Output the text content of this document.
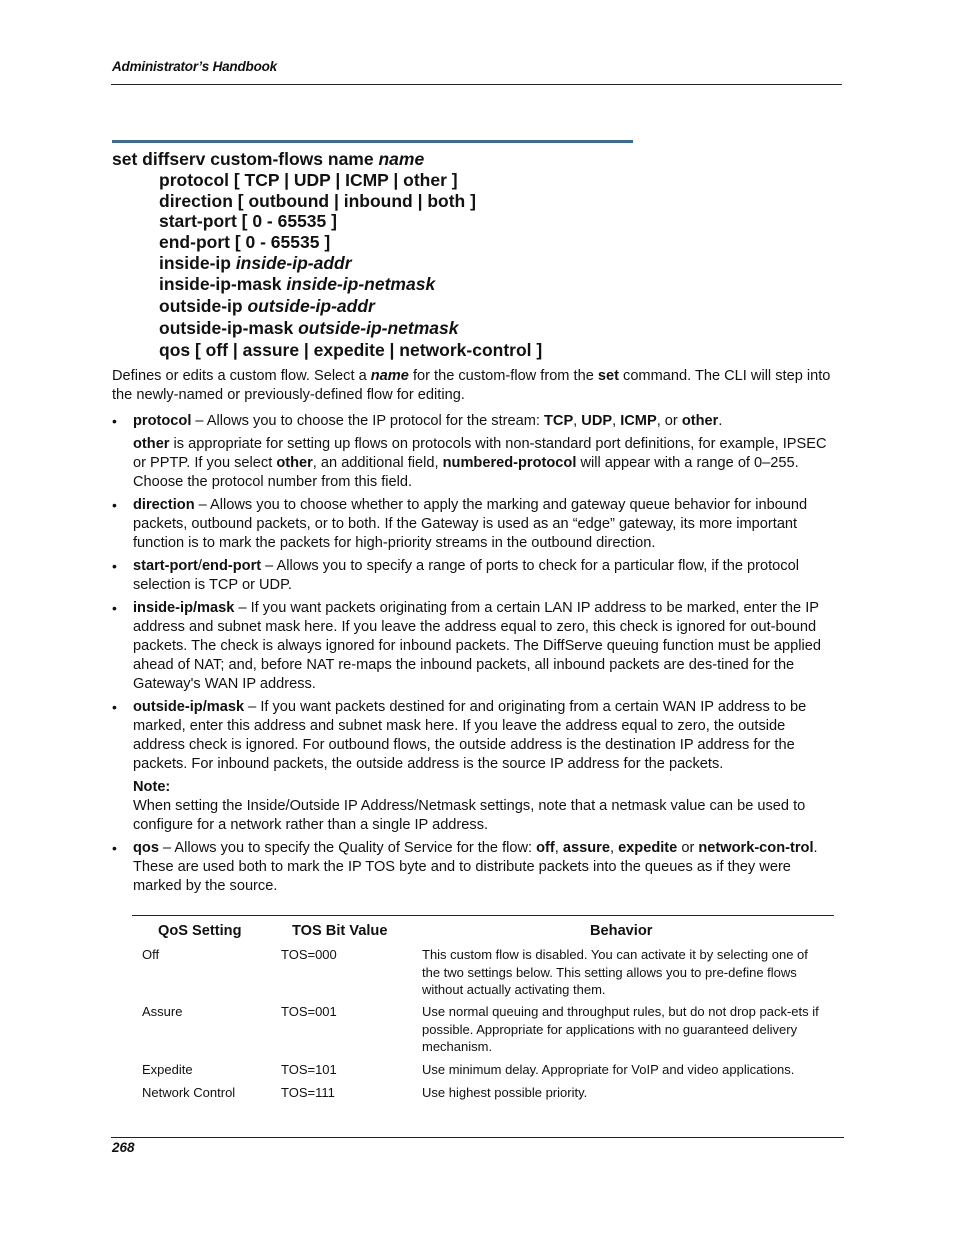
Administrator’s Handbook
set diffserv custom-flows name name
protocol [ TCP | UDP | ICMP | other ]
direction [ outbound | inbound | both ]
start-port [ 0 - 65535 ]
end-port [ 0 - 65535 ]
inside-ip inside-ip-addr
inside-ip-mask inside-ip-netmask
outside-ip outside-ip-addr
outside-ip-mask outside-ip-netmask
qos [ off | assure | expedite | network-control ]
Defines or edits a custom flow. Select a name for the custom-flow from the set command. The CLI will step into the newly-named or previously-defined flow for editing.
• protocol – Allows you to choose the IP protocol for the stream: TCP, UDP, ICMP, or other.

other is appropriate for setting up flows on protocols with non-standard port definitions, for example, IPSEC or PPTP. If you select other, an additional field, numbered-protocol will appear with a range of 0–255. Choose the protocol number from this field.

• direction – Allows you to choose whether to apply the marking and gateway queue behavior for inbound packets, outbound packets, or to both. If the Gateway is used as an “edge” gateway, its more important function is to mark the packets for high-priority streams in the outbound direction.

• start-port/end-port – Allows you to specify a range of ports to check for a particular flow, if the protocol selection is TCP or UDP.

• inside-ip/mask – If you want packets originating from a certain LAN IP address to be marked, enter the IP address and subnet mask here. If you leave the address equal to zero, this check is ignored for out-bound packets. The check is always ignored for inbound packets. The DiffServe queuing function must be applied ahead of NAT; and, before NAT re-maps the inbound packets, all inbound packets are des-tined for the Gateway's WAN IP address.

• outside-ip/mask – If you want packets destined for and originating from a certain WAN IP address to be marked, enter this address and subnet mask here. If you leave the address equal to zero, the outside address check is ignored. For outbound flows, the outside address is the destination IP address for the packets. For inbound packets, the outside address is the source IP address for the packets.

Note:

When setting the Inside/Outside IP Address/Netmask settings, note that a netmask value can be used to configure for a network rather than a single IP address.

• qos – Allows you to specify the Quality of Service for the flow: off, assure, expedite or network-con-trol. These are used both to mark the IP TOS byte and to distribute packets into the queues as if they were marked by the source.

QoS Setting	TOS Bit Value	Behavior
Off	TOS=000	This custom flow is disabled. You can activate it by selecting one of the two settings below. This setting allows you to pre-define flows without actually activating them.
Assure	TOS=001	Use normal queuing and throughput rules, but do not drop pack-ets if possible. Appropriate for applications with no guaranteed delivery mechanism.
Expedite	TOS=101	Use minimum delay. Appropriate for VoIP and video applications.
Network Control	TOS=111	Use highest possible priority.
268
